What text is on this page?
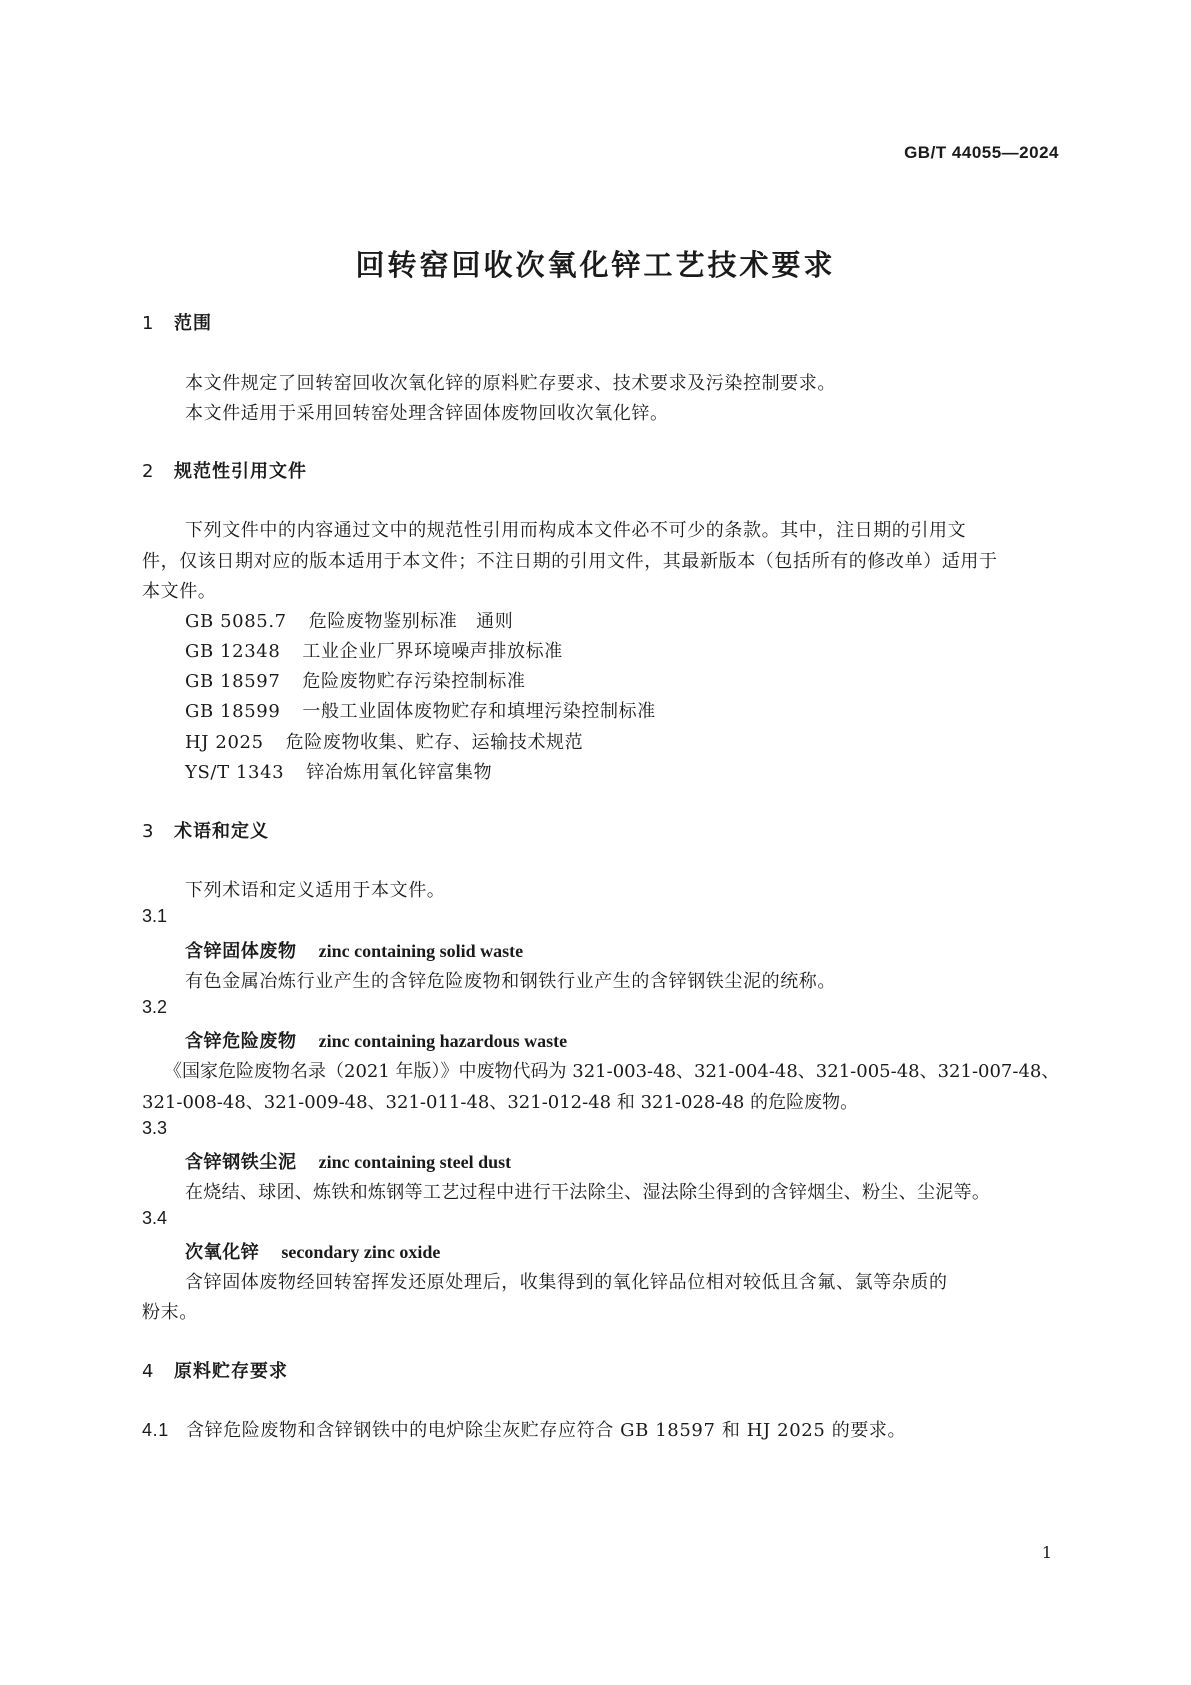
GB/T 44055—2024
回转窑回收次氧化锌工艺技术要求
1 范围
本文件规定了回转窑回收次氧化锌的原料贮存要求、技术要求及污染控制要求。
本文件适用于采用回转窑处理含锌固体废物回收次氧化锌。
2 规范性引用文件
下列文件中的内容通过文中的规范性引用而构成本文件必不可少的条款。其中，注日期的引用文
件，仅该日期对应的版本适用于本文件；不注日期的引用文件，其最新版本（包括所有的修改单）适用于
本文件。
GB 5085.7 危险废物鉴别标准　通则
GB 12348 工业企业厂界环境噪声排放标准
GB 18597 危险废物贮存污染控制标准
GB 18599 一般工业固体废物贮存和填埋污染控制标准
HJ 2025 危险废物收集、贮存、运输技术规范
YS/T 1343 锌冶炼用氧化锌富集物
3 术语和定义
下列术语和定义适用于本文件。
3.1
含锌固体废物 zinc containing solid waste
有色金属冶炼行业产生的含锌危险废物和钢铁行业产生的含锌钢铁尘泥的统称。
3.2
含锌危险废物 zinc containing hazardous waste
《国家危险废物名录（2021 年版）》中废物代码为 321-003-48、321-004-48、321-005-48、321-007-48、
321-008-48、321-009-48、321-011-48、321-012-48 和 321-028-48 的危险废物。
3.3
含锌钢铁尘泥 zinc containing steel dust
在烧结、球团、炼铁和炼钢等工艺过程中进行干法除尘、湿法除尘得到的含锌烟尘、粉尘、尘泥等。
3.4
次氧化锌 secondary zinc oxide
含锌固体废物经回转窑挥发还原处理后，收集得到的氧化锌品位相对较低且含氟、氯等杂质的
粉末。
4 原料贮存要求
4.1 含锌危险废物和含锌钢铁中的电炉除尘灰贮存应符合 GB 18597 和 HJ 2025 的要求。
1
